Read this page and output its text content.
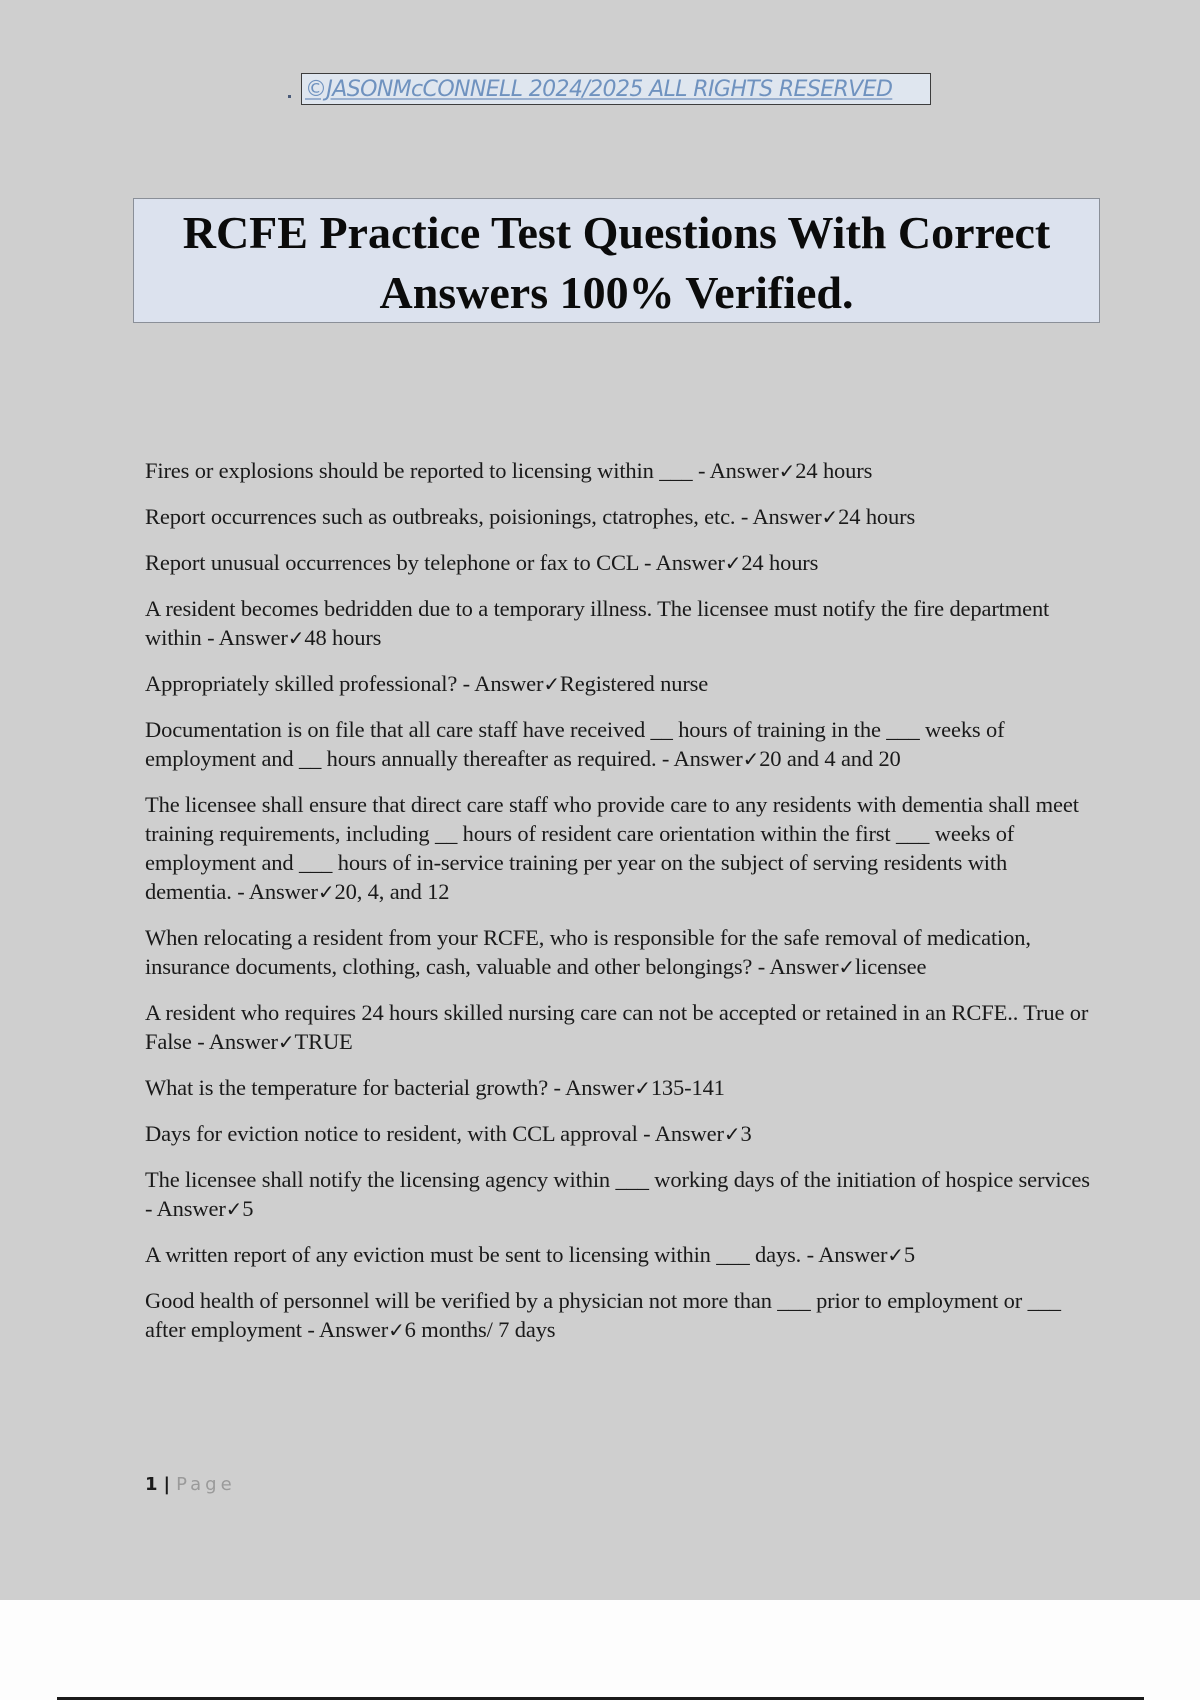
©JASONMcCONNELL 2024/2025 ALL RIGHTS RESERVED

RCFE Practice Test Questions With Correct

Answers 100% Verified.

Fires or explosions should be reported to licensing within ___ - Answer✓24 hours

Report occurrences such as outbreaks, poisionings, ctatrophes, etc. - Answer✓24 hours

Report unusual occurrences by telephone or fax to CCL - Answer✓24 hours

A resident becomes bedridden due to a temporary illness. The licensee must notify the fire department within - Answer✓48 hours

Appropriately skilled professional? - Answer✓Registered nurse

Documentation is on file that all care staff have received __ hours of training in the ___ weeks of employment and __ hours annually thereafter as required. - Answer✓20 and 4 and 20

The licensee shall ensure that direct care staff who provide care to any residents with dementia shall meet training requirements, including __ hours of resident care orientation within the first ___ weeks of employment and ___ hours of in-service training per year on the subject of serving residents with dementia. - Answer✓20, 4, and 12

When relocating a resident from your RCFE, who is responsible for the safe removal of medication, insurance documents, clothing, cash, valuable and other belongings? - Answer✓licensee

A resident who requires 24 hours skilled nursing care can not be accepted or retained in an RCFE.. True or False - Answer✓TRUE

What is the temperature for bacterial growth? - Answer✓135-141

Days for eviction notice to resident, with CCL approval - Answer✓3

The licensee shall notify the licensing agency within ___ working days of the initiation of hospice services - Answer✓5

A written report of any eviction must be sent to licensing within ___ days. - Answer✓5

Good health of personnel will be verified by a physician not more than ___ prior to employment or ___ after employment - Answer✓6 months/ 7 days

1 | Page
